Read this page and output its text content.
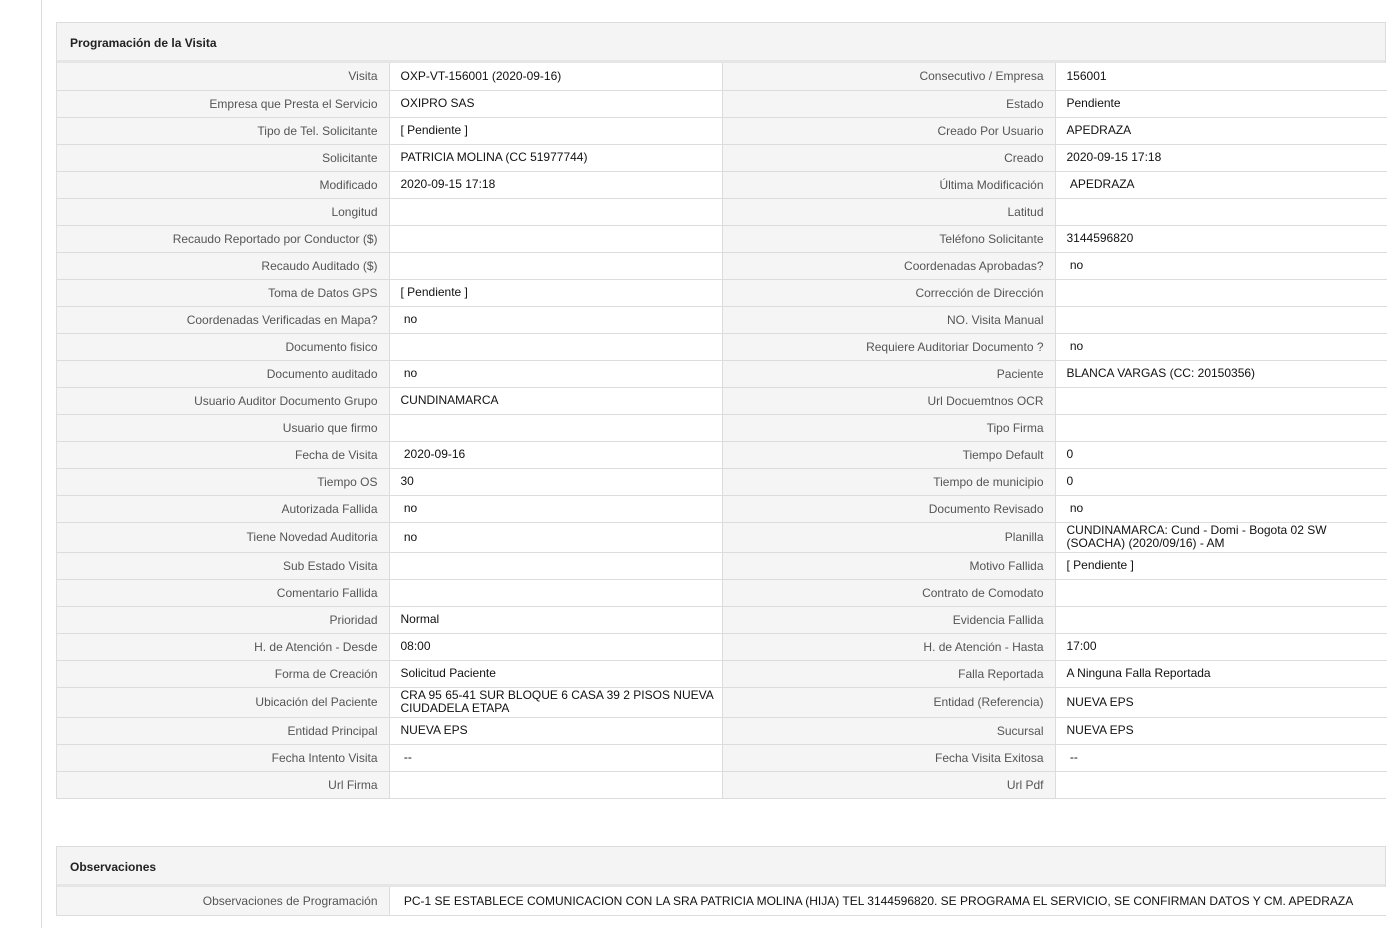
Programación de la Visita
Visita	OXP-VT-156001 (2020-09-16)	Consecutivo / Empresa	156001
Empresa que Presta el Servicio	OXIPRO SAS	Estado	Pendiente
Tipo de Tel. Solicitante	[ Pendiente ]	Creado Por Usuario	APEDRAZA
Solicitante	PATRICIA MOLINA (CC 51977744)	Creado	2020-09-15 17:18
Modificado	2020-09-15 17:18	Última Modificación	APEDRAZA
Longitud		Latitud	
Recaudo Reportado por Conductor ($)		Teléfono Solicitante	3144596820
Recaudo Auditado ($)		Coordenadas Aprobadas?	no
Toma de Datos GPS	[ Pendiente ]	Corrección de Dirección	
Coordenadas Verificadas en Mapa?	no	NO. Visita Manual	
Documento fisico		Requiere Auditoriar Documento ?	no
Documento auditado	no	Paciente	BLANCA VARGAS (CC: 20150356)
Usuario Auditor Documento Grupo	CUNDINAMARCA	Url Docuemtnos OCR	
Usuario que firmo		Tipo Firma	
Fecha de Visita	2020-09-16	Tiempo Default	0
Tiempo OS	30	Tiempo de municipio	0
Autorizada Fallida	no	Documento Revisado	no
Tiene Novedad Auditoria	no	Planilla	CUNDINAMARCA: Cund - Domi - Bogota 02 SW (SOACHA) (2020/09/16) - AM
Sub Estado Visita		Motivo Fallida	[ Pendiente ]
Comentario Fallida		Contrato de Comodato	
Prioridad	Normal	Evidencia Fallida	
H. de Atención - Desde	08:00	H. de Atención - Hasta	17:00
Forma de Creación	Solicitud Paciente	Falla Reportada	A Ninguna Falla Reportada
Ubicación del Paciente	CRA 95 65-41 SUR BLOQUE 6 CASA 39 2 PISOS NUEVA CIUDADELA ETAPA	Entidad (Referencia)	NUEVA EPS
Entidad Principal	NUEVA EPS	Sucursal	NUEVA EPS
Fecha Intento Visita	--	Fecha Visita Exitosa	--
Url Firma		Url Pdf	
Observaciones
Observaciones de Programación	PC-1 SE ESTABLECE COMUNICACION CON LA SRA PATRICIA MOLINA (HIJA) TEL 3144596820. SE PROGRAMA EL SERVICIO, SE CONFIRMAN DATOS Y CM. APEDRAZA
